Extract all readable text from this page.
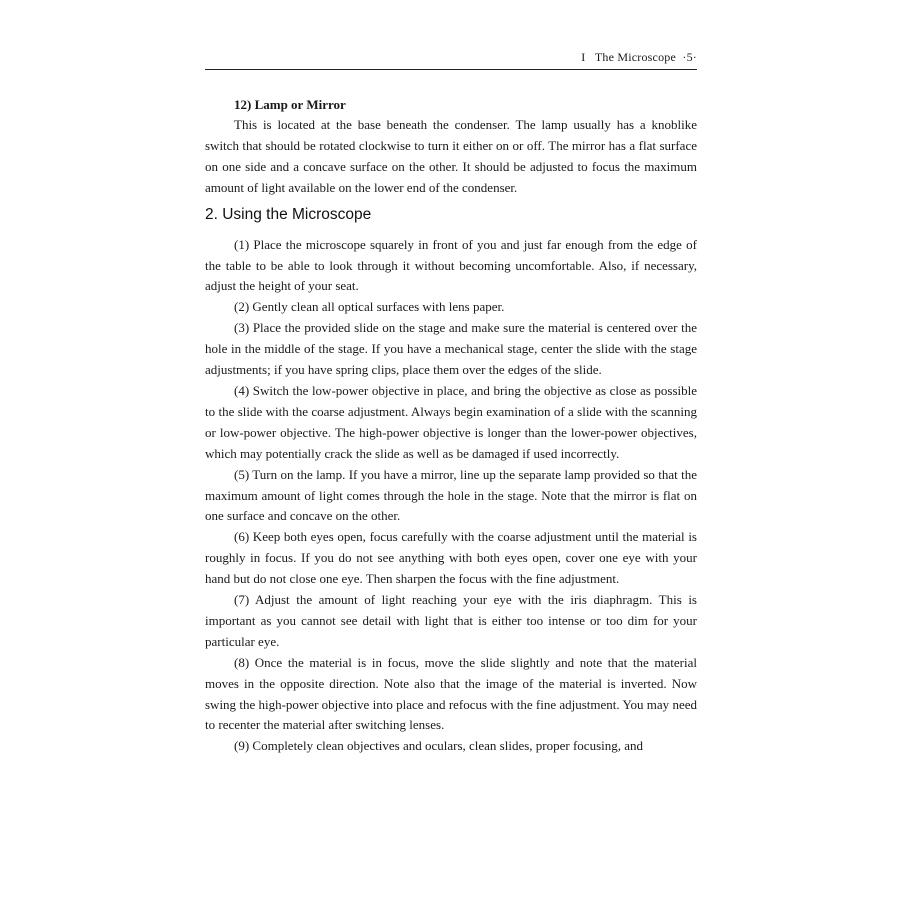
I The Microscope ·5·
12) Lamp or Mirror

This is located at the base beneath the condenser. The lamp usually has a knoblike switch that should be rotated clockwise to turn it either on or off. The mirror has a flat surface on one side and a concave surface on the other. It should be adjusted to focus the maximum amount of light available on the lower end of the condenser.

2. Using the Microscope

(1) Place the microscope squarely in front of you and just far enough from the edge of the table to be able to look through it without becoming uncomfortable. Also, if necessary, adjust the height of your seat.

(2) Gently clean all optical surfaces with lens paper.

(3) Place the provided slide on the stage and make sure the material is centered over the hole in the middle of the stage. If you have a mechanical stage, center the slide with the stage adjustments; if you have spring clips, place them over the edges of the slide.

(4) Switch the low-power objective in place, and bring the objective as close as possible to the slide with the coarse adjustment. Always begin examination of a slide with the scanning or low-power objective. The high-power objective is longer than the lower-power objectives, which may potentially crack the slide as well as be damaged if used incorrectly.

(5) Turn on the lamp. If you have a mirror, line up the separate lamp provided so that the maximum amount of light comes through the hole in the stage. Note that the mirror is flat on one surface and concave on the other.

(6) Keep both eyes open, focus carefully with the coarse adjustment until the material is roughly in focus. If you do not see anything with both eyes open, cover one eye with your hand but do not close one eye. Then sharpen the focus with the fine adjustment.

(7) Adjust the amount of light reaching your eye with the iris diaphragm. This is important as you cannot see detail with light that is either too intense or too dim for your particular eye.

(8) Once the material is in focus, move the slide slightly and note that the material moves in the opposite direction. Note also that the image of the material is inverted. Now swing the high-power objective into place and refocus with the fine adjustment. You may need to recenter the material after switching lenses.

(9) Completely clean objectives and oculars, clean slides, proper focusing, and
